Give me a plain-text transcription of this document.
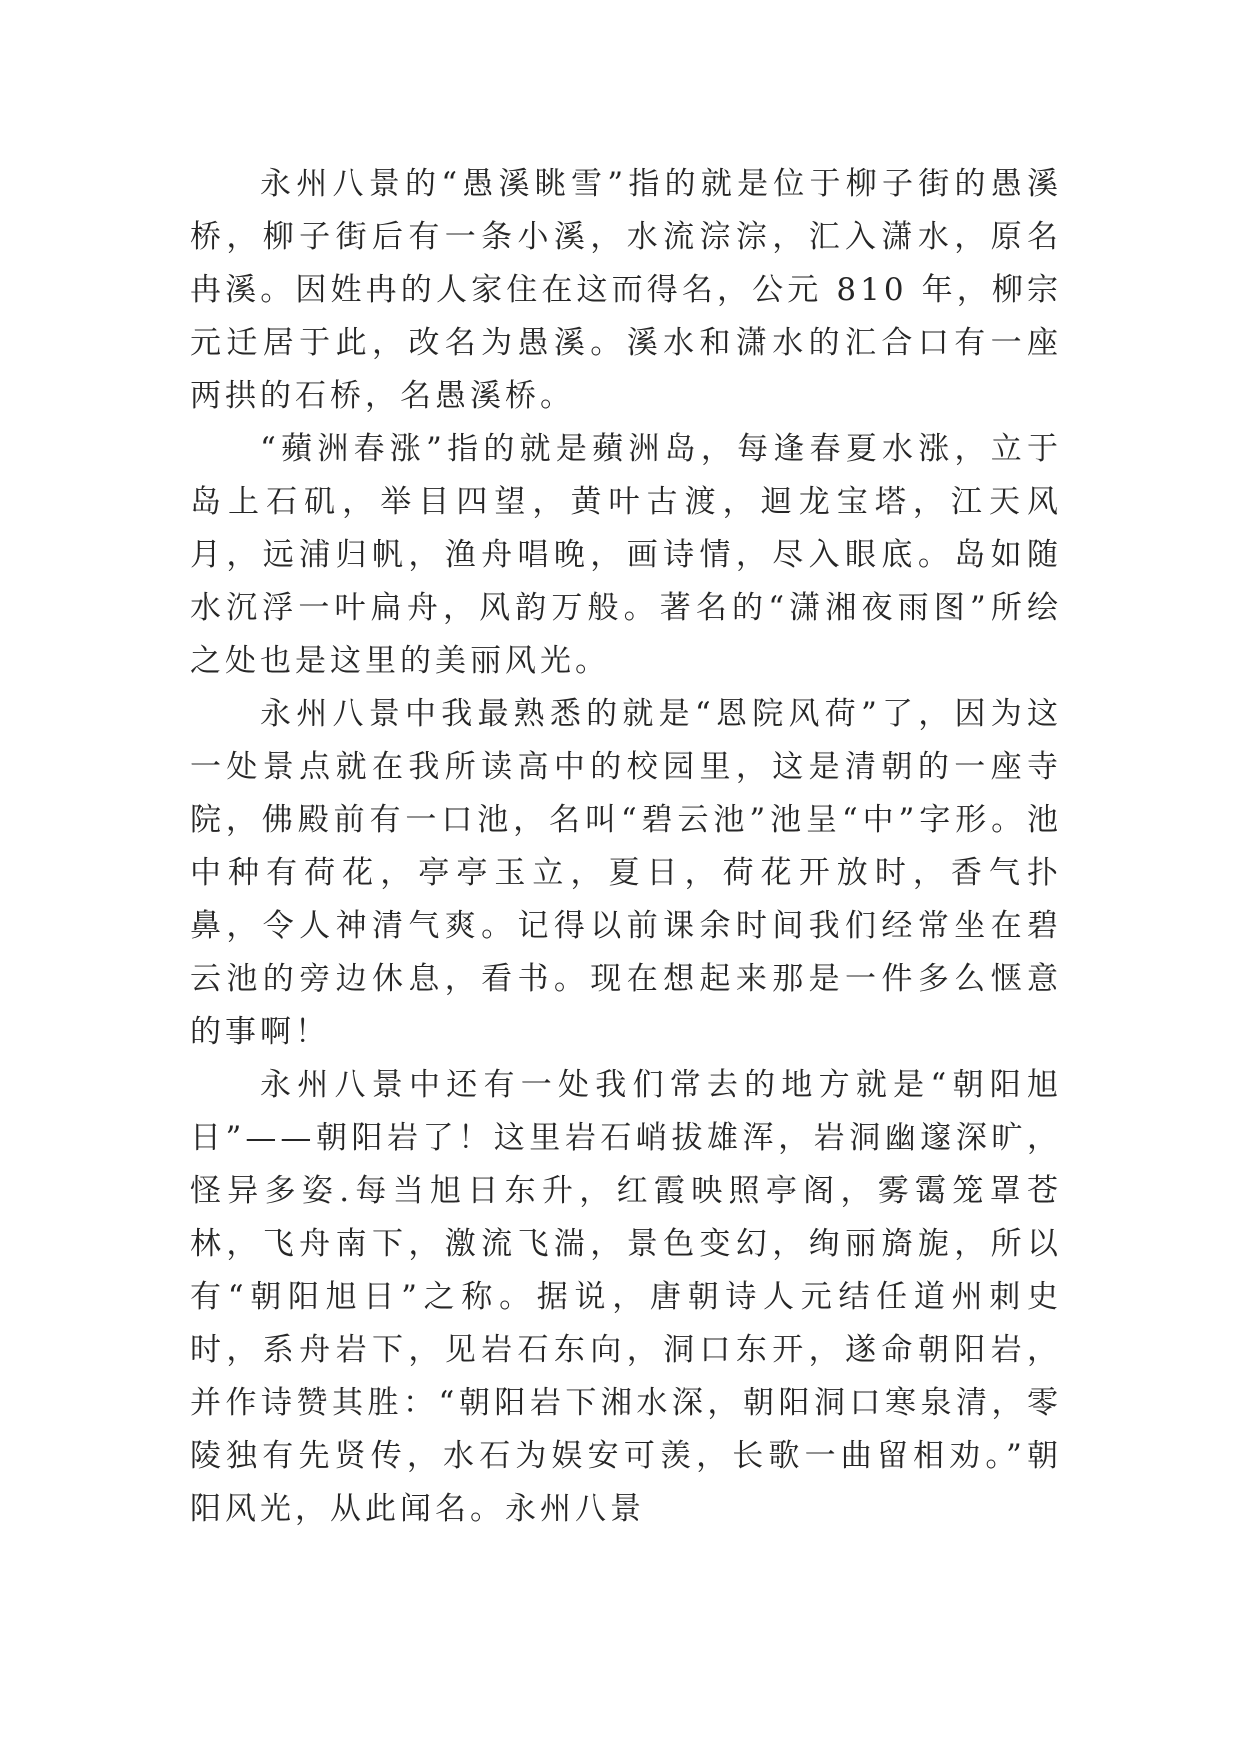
永州八景的“愚溪眺雪”指的就是位于柳子街的愚溪桥，柳子街后有一条小溪，水流淙淙，汇入潇水，原名冉溪。因姓冉的人家住在这而得名，公元 810 年，柳宗元迁居于此，改名为愚溪。溪水和潇水的汇合口有一座两拱的石桥，名愚溪桥。

“蘋洲春涨”指的就是蘋洲岛，每逢春夏水涨，立于岛上石矶，举目四望，黄叶古渡，迴龙宝塔，江天风月，远浦归帆，渔舟唱晚，画诗情，尽入眼底。岛如随水沉浮一叶扁舟，风韵万般。著名的“潇湘夜雨图”所绘之处也是这里的美丽风光。

永州八景中我最熟悉的就是“恩院风荷”了，因为这一处景点就在我所读高中的校园里，这是清朝的一座寺院，佛殿前有一口池，名叫“碧云池”池呈“中”字形。池中种有荷花，亭亭玉立，夏日，荷花开放时，香气扑鼻，令人神清气爽。记得以前课余时间我们经常坐在碧云池的旁边休息，看书。现在想起来那是一件多么惬意的事啊！

永州八景中还有一处我们常去的地方就是“朝阳旭日”——朝阳岩了！这里岩石峭拔雄浑，岩洞幽邃深旷，怪异多姿.每当旭日东升，红霞映照亭阁，雾霭笼罩苍林，飞舟南下，激流飞湍，景色变幻，绚丽旖旎，所以有“朝阳旭日”之称。据说，唐朝诗人元结任道州刺史时，系舟岩下，见岩石东向，洞口东开，遂命朝阳岩，并作诗赞其胜：“朝阳岩下湘水深，朝阳洞口寒泉清，零陵独有先贤传，水石为娱安可羡，长歌一曲留相劝。”朝阳风光，从此闻名。永州八景
